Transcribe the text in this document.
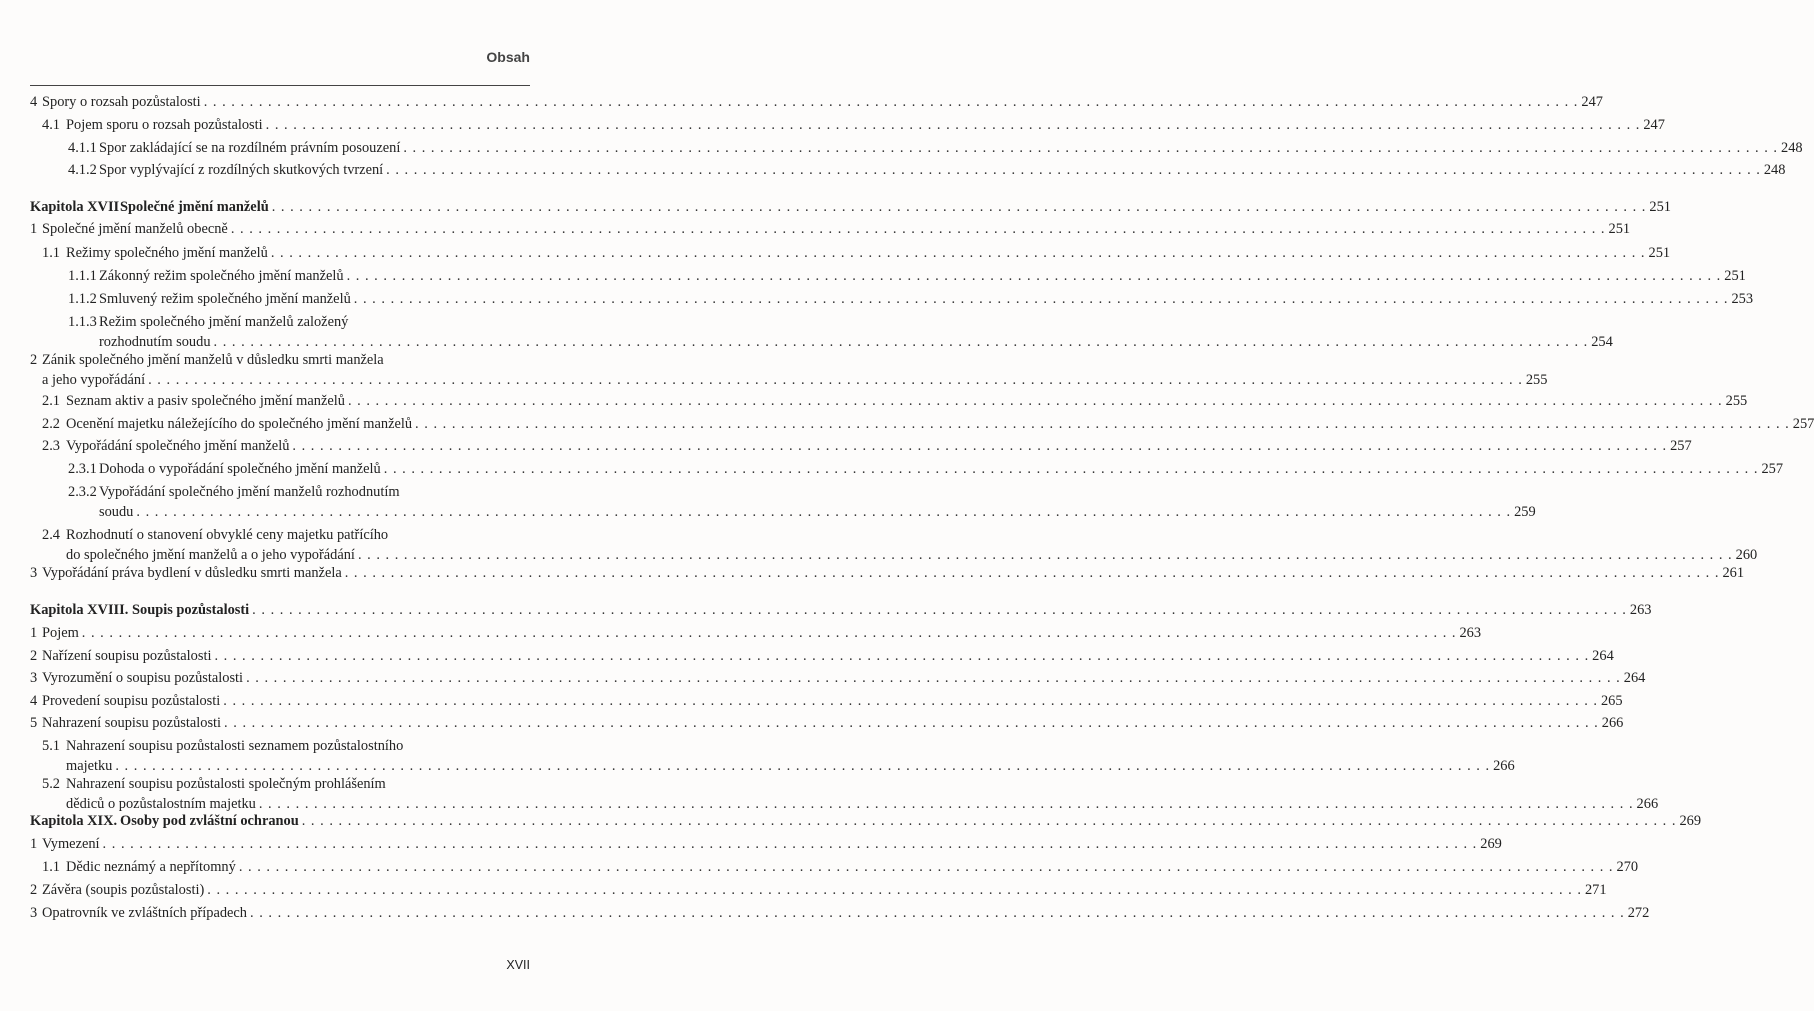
Obsah
4 Spory o rozsah pozůstalosti . . . . . . . . . . . . . . . . . . . . . . . . . . . . . . . . . . . . . . . . . . . . . . . . . . . . . . . . . . . . . . . . . . . . . . . . . . . . . . . . . . . . . . . . . . . . . . . . . . . . . . . . . . . . . . . . . . . . . . . . . . . . . . . . . . . . . . . . . . . . . . . . . . . . . . 247
4.1 Pojem sporu o rozsah pozůstalosti . . . . . . . . . . . . . . . . . . . . . . . . . . . . . . . . . . . . . . . . . . . . . . . . . . . . . . . . . . . . . . . . . . . . . . . . . . . . . . . . . . . . . . . . . . . . . . . . . . . . . . . . . . . . . . . . . . . . . . . . . . . . . . . . . . . . . . . . . . . . . . . . . . . . . . 247
4.1.1 Spor zakládající se na rozdílném právním posouzení . . . . . . . . . . . . . . . . . . . . . . . . . . . . . . . . . . . . . . . . . . . . . . . . . . . . . . . . . . . . . . . . . . . . . . . . . . . . . . . . . . . . . . . . . . . . . . . . . . . . . . . . . . . . . . . . . . . . . . . . . . . . . . . . . . . . . . . . . . . . . . . . . . . . . . 248
4.1.2 Spor vyplývající z rozdílných skutkových tvrzení . . . . . . . . . . . . . . . . . . . . . . . . . . . . . . . . . . . . . . . . . . . . . . . . . . . . . . . . . . . . . . . . . . . . . . . . . . . . . . . . . . . . . . . . . . . . . . . . . . . . . . . . . . . . . . . . . . . . . . . . . . . . . . . . . . . . . . . . . . . . . . . . . . . . . . 248
Kapitola XVII Společné jmění manželů . . . . . . . . . . . . . . . . . . . . . . . . . . . . . . . . . . . . . . . . . . . . . . . . . . . . . . . . . . . . . . . . . . . . . . . . . . . . . . . . . . . . . . . . . . . . . . . . . . . . . . . . . . . . . . . . . . . . . . . . . . . . . . . . . . . . . . . . . . . . . . . . . . . . . . 251
1 Společné jmění manželů obecně . . . . . . . . . . . . . . . . . . . . . . . . . . . . . . . . . . . . . . . . . . . . . . . . . . . . . . . . . . . . . . . . . . . . . . . . . . . . . . . . . . . . . . . . . . . . . . . . . . . . . . . . . . . . . . . . . . . . . . . . . . . . . . . . . . . . . . . . . . . . . . . . . . . . . . 251
1.1 Režimy společného jmění manželů . . . . . . . . . . . . . . . . . . . . . . . . . . . . . . . . . . . . . . . . . . . . . . . . . . . . . . . . . . . . . . . . . . . . . . . . . . . . . . . . . . . . . . . . . . . . . . . . . . . . . . . . . . . . . . . . . . . . . . . . . . . . . . . . . . . . . . . . . . . . . . . . . . . . . . 251
1.1.1 Zákonný režim společného jmění manželů . . . . . . . . . . . . . . . . . . . . . . . . . . . . . . . . . . . . . . . . . . . . . . . . . . . . . . . . . . . . . . . . . . . . . . . . . . . . . . . . . . . . . . . . . . . . . . . . . . . . . . . . . . . . . . . . . . . . . . . . . . . . . . . . . . . . . . . . . . . . . . . . . . . . . . 251
1.1.2 Smluvený režim společného jmění manželů . . . . . . . . . . . . . . . . . . . . . . . . . . . . . . . . . . . . . . . . . . . . . . . . . . . . . . . . . . . . . . . . . . . . . . . . . . . . . . . . . . . . . . . . . . . . . . . . . . . . . . . . . . . . . . . . . . . . . . . . . . . . . . . . . . . . . . . . . . . . . . . . . . . . . . 253
1.1.3 Režim společného jmění manželů založený
rozhodnutím soudu . . . . . . . . . . . . . . . . . . . . . . . . . . . . . . . . . . . . . . . . . . . . . . . . . . . . . . . . . . . . . . . . . . . . . . . . . . . . . . . . . . . . . . . . . . . . . . . . . . . . . . . . . . . . . . . . . . . . . . . . . . . . . . . . . . . . . . . . . . . . . . . . . . . . . . 254
2 Zánik společného jmění manželů v důsledku smrti manžela
a jeho vypořádání . . . . . . . . . . . . . . . . . . . . . . . . . . . . . . . . . . . . . . . . . . . . . . . . . . . . . . . . . . . . . . . . . . . . . . . . . . . . . . . . . . . . . . . . . . . . . . . . . . . . . . . . . . . . . . . . . . . . . . . . . . . . . . . . . . . . . . . . . . . . . . . . . . . . . . 255
2.1 Seznam aktiv a pasiv společného jmění manželů . . . . . . . . . . . . . . . . . . . . . . . . . . . . . . . . . . . . . . . . . . . . . . . . . . . . . . . . . . . . . . . . . . . . . . . . . . . . . . . . . . . . . . . . . . . . . . . . . . . . . . . . . . . . . . . . . . . . . . . . . . . . . . . . . . . . . . . . . . . . . . . . . . . . . . 255
2.2 Ocenění majetku náležejícího do společného jmění manželů . . . . . . . . . . . . . . . . . . . . . . . . . . . . . . . . . . . . . . . . . . . . . . . . . . . . . . . . . . . . . . . . . . . . . . . . . . . . . . . . . . . . . . . . . . . . . . . . . . . . . . . . . . . . . . . . . . . . . . . . . . . . . . . . . . . . . . . . . . . . . . . . . . . . . . 257
2.3 Vypořádání společného jmění manželů . . . . . . . . . . . . . . . . . . . . . . . . . . . . . . . . . . . . . . . . . . . . . . . . . . . . . . . . . . . . . . . . . . . . . . . . . . . . . . . . . . . . . . . . . . . . . . . . . . . . . . . . . . . . . . . . . . . . . . . . . . . . . . . . . . . . . . . . . . . . . . . . . . . . . . 257
2.3.1 Dohoda o vypořádání společného jmění manželů . . . . . . . . . . . . . . . . . . . . . . . . . . . . . . . . . . . . . . . . . . . . . . . . . . . . . . . . . . . . . . . . . . . . . . . . . . . . . . . . . . . . . . . . . . . . . . . . . . . . . . . . . . . . . . . . . . . . . . . . . . . . . . . . . . . . . . . . . . . . . . . . . . . . . . 257
2.3.2 Vypořádání společného jmění manželů rozhodnutím
soudu . . . . . . . . . . . . . . . . . . . . . . . . . . . . . . . . . . . . . . . . . . . . . . . . . . . . . . . . . . . . . . . . . . . . . . . . . . . . . . . . . . . . . . . . . . . . . . . . . . . . . . . . . . . . . . . . . . . . . . . . . . . . . . . . . . . . . . . . . . . . . . . . . . . . . . 259
2.4 Rozhodnutí o stanovení obvyklé ceny majetku patřícího
do společného jmění manželů a o jeho vypořádání . . . . . . . . . . . . . . . . . . . . . . . . . . . . . . . . . . . . . . . . . . . . . . . . . . . . . . . . . . . . . . . . . . . . . . . . . . . . . . . . . . . . . . . . . . . . . . . . . . . . . . . . . . . . . . . . . . . . . . . . . . . . . . . . . . . . . . . . . . . . . . . . . . . . . . 260
3 Vypořádání práva bydlení v důsledku smrti manžela . . . . . . . . . . . . . . . . . . . . . . . . . . . . . . . . . . . . . . . . . . . . . . . . . . . . . . . . . . . . . . . . . . . . . . . . . . . . . . . . . . . . . . . . . . . . . . . . . . . . . . . . . . . . . . . . . . . . . . . . . . . . . . . . . . . . . . . . . . . . . . . . . . . . . . 261
Kapitola XVIII. Soupis pozůstalosti . . . . . . . . . . . . . . . . . . . . . . . . . . . . . . . . . . . . . . . . . . . . . . . . . . . . . . . . . . . . . . . . . . . . . . . . . . . . . . . . . . . . . . . . . . . . . . . . . . . . . . . . . . . . . . . . . . . . . . . . . . . . . . . . . . . . . . . . . . . . . . . . . . . . . . 263
1 Pojem . . . . . . . . . . . . . . . . . . . . . . . . . . . . . . . . . . . . . . . . . . . . . . . . . . . . . . . . . . . . . . . . . . . . . . . . . . . . . . . . . . . . . . . . . . . . . . . . . . . . . . . . . . . . . . . . . . . . . . . . . . . . . . . . . . . . . . . . . . . . . . . . . . . . . . 263
2 Nařízení soupisu pozůstalosti . . . . . . . . . . . . . . . . . . . . . . . . . . . . . . . . . . . . . . . . . . . . . . . . . . . . . . . . . . . . . . . . . . . . . . . . . . . . . . . . . . . . . . . . . . . . . . . . . . . . . . . . . . . . . . . . . . . . . . . . . . . . . . . . . . . . . . . . . . . . . . . . . . . . . . 264
3 Vyrozumění o soupisu pozůstalosti . . . . . . . . . . . . . . . . . . . . . . . . . . . . . . . . . . . . . . . . . . . . . . . . . . . . . . . . . . . . . . . . . . . . . . . . . . . . . . . . . . . . . . . . . . . . . . . . . . . . . . . . . . . . . . . . . . . . . . . . . . . . . . . . . . . . . . . . . . . . . . . . . . . . . . 264
4 Provedení soupisu pozůstalosti . . . . . . . . . . . . . . . . . . . . . . . . . . . . . . . . . . . . . . . . . . . . . . . . . . . . . . . . . . . . . . . . . . . . . . . . . . . . . . . . . . . . . . . . . . . . . . . . . . . . . . . . . . . . . . . . . . . . . . . . . . . . . . . . . . . . . . . . . . . . . . . . . . . . . . 265
5 Nahrazení soupisu pozůstalosti . . . . . . . . . . . . . . . . . . . . . . . . . . . . . . . . . . . . . . . . . . . . . . . . . . . . . . . . . . . . . . . . . . . . . . . . . . . . . . . . . . . . . . . . . . . . . . . . . . . . . . . . . . . . . . . . . . . . . . . . . . . . . . . . . . . . . . . . . . . . . . . . . . . . . . 266
5.1 Nahrazení soupisu pozůstalosti seznamem pozůstalostního
majetku . . . . . . . . . . . . . . . . . . . . . . . . . . . . . . . . . . . . . . . . . . . . . . . . . . . . . . . . . . . . . . . . . . . . . . . . . . . . . . . . . . . . . . . . . . . . . . . . . . . . . . . . . . . . . . . . . . . . . . . . . . . . . . . . . . . . . . . . . . . . . . . . . . . . . . 266
5.2 Nahrazení soupisu pozůstalosti společným prohlášením
dědiců o pozůstalostním majetku . . . . . . . . . . . . . . . . . . . . . . . . . . . . . . . . . . . . . . . . . . . . . . . . . . . . . . . . . . . . . . . . . . . . . . . . . . . . . . . . . . . . . . . . . . . . . . . . . . . . . . . . . . . . . . . . . . . . . . . . . . . . . . . . . . . . . . . . . . . . . . . . . . . . . . 266
Kapitola XIX. Osoby pod zvláštní ochranou . . . . . . . . . . . . . . . . . . . . . . . . . . . . . . . . . . . . . . . . . . . . . . . . . . . . . . . . . . . . . . . . . . . . . . . . . . . . . . . . . . . . . . . . . . . . . . . . . . . . . . . . . . . . . . . . . . . . . . . . . . . . . . . . . . . . . . . . . . . . . . . . . . . . . . 269
1 Vymezení . . . . . . . . . . . . . . . . . . . . . . . . . . . . . . . . . . . . . . . . . . . . . . . . . . . . . . . . . . . . . . . . . . . . . . . . . . . . . . . . . . . . . . . . . . . . . . . . . . . . . . . . . . . . . . . . . . . . . . . . . . . . . . . . . . . . . . . . . . . . . . . . . . . . . . 269
1.1 Dědic neznámý a nepřítomný . . . . . . . . . . . . . . . . . . . . . . . . . . . . . . . . . . . . . . . . . . . . . . . . . . . . . . . . . . . . . . . . . . . . . . . . . . . . . . . . . . . . . . . . . . . . . . . . . . . . . . . . . . . . . . . . . . . . . . . . . . . . . . . . . . . . . . . . . . . . . . . . . . . . . . 270
2 Závěra (soupis pozůstalosti) . . . . . . . . . . . . . . . . . . . . . . . . . . . . . . . . . . . . . . . . . . . . . . . . . . . . . . . . . . . . . . . . . . . . . . . . . . . . . . . . . . . . . . . . . . . . . . . . . . . . . . . . . . . . . . . . . . . . . . . . . . . . . . . . . . . . . . . . . . . . . . . . . . . . . . 271
3 Opatrovník ve zvláštních případech . . . . . . . . . . . . . . . . . . . . . . . . . . . . . . . . . . . . . . . . . . . . . . . . . . . . . . . . . . . . . . . . . . . . . . . . . . . . . . . . . . . . . . . . . . . . . . . . . . . . . . . . . . . . . . . . . . . . . . . . . . . . . . . . . . . . . . . . . . . . . . . . . . . . . . 272
XVII
